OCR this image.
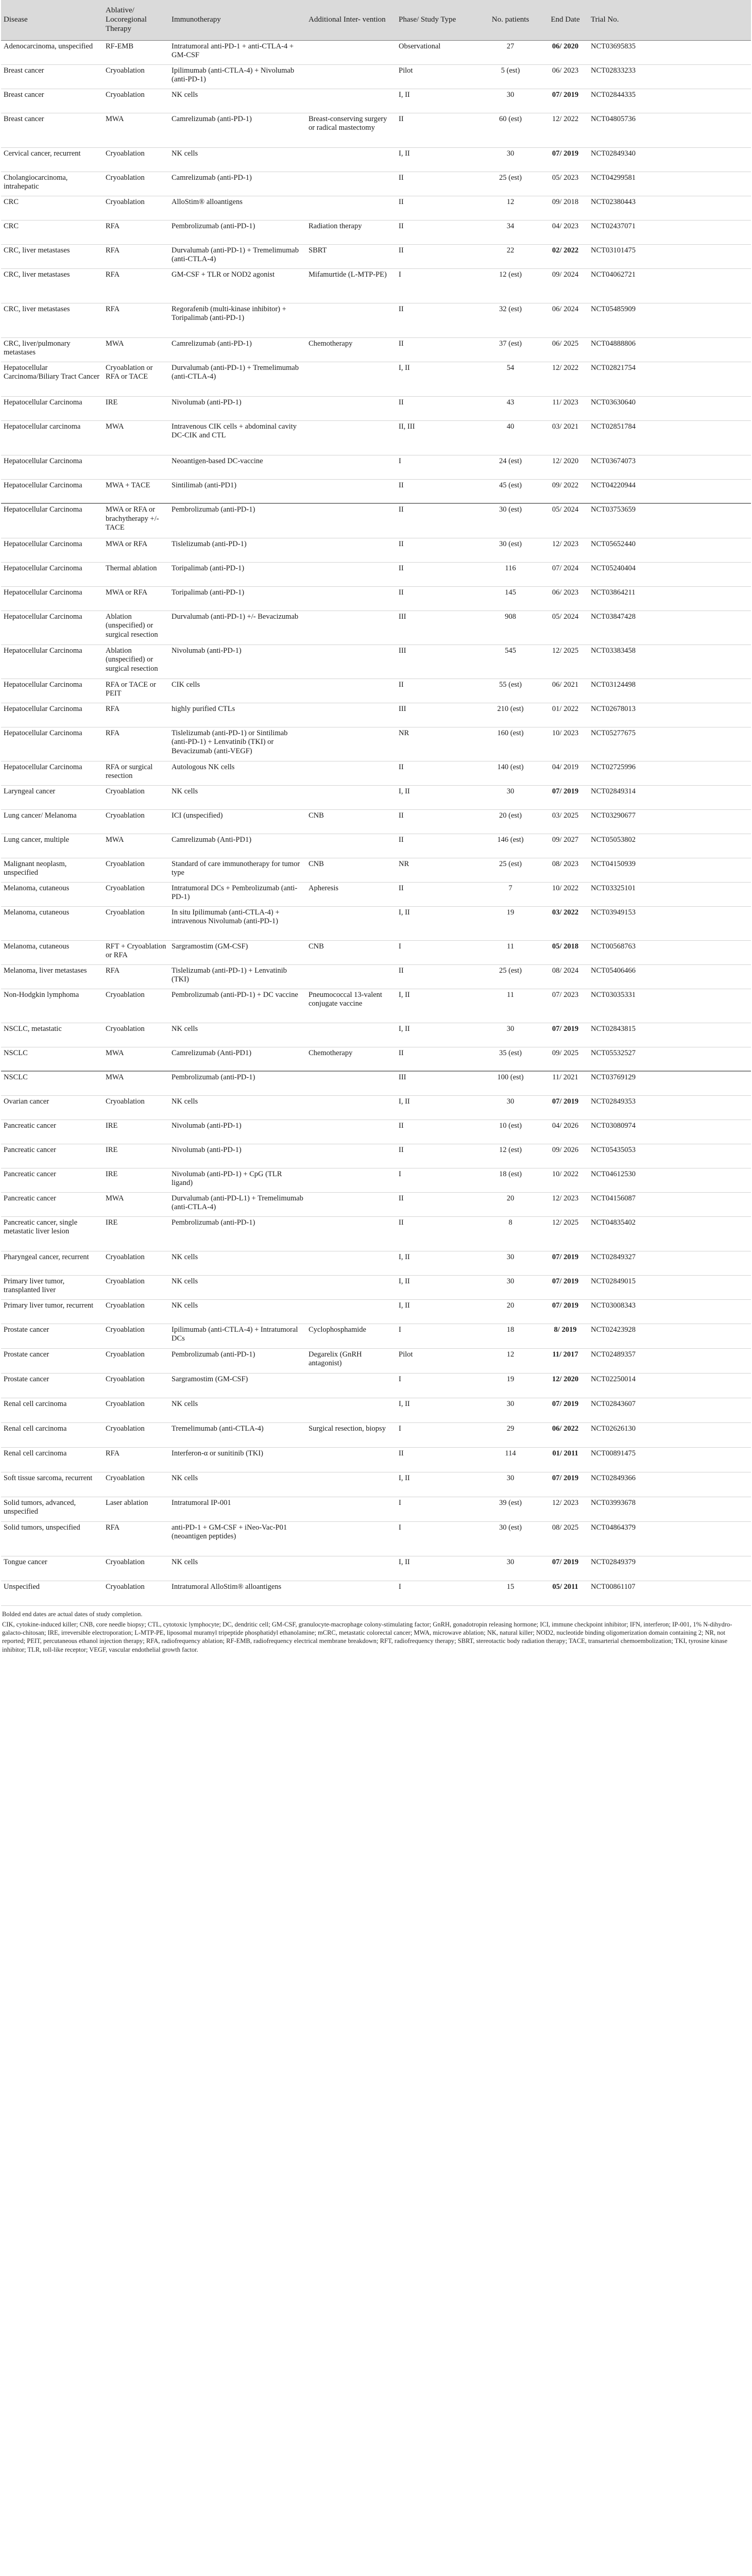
Disease	Ablative/ Locoregional Therapy	Immunotherapy	Additional Inter- vention	Phase/ Study Type	No. patients	End Date	Trial No.
Adenocarcinoma, unspecified	RF-EMB	Intratumoral anti-PD-1 + anti-CTLA-4 + GM-CSF		Observational	27	06/ 2020	NCT03695835
Breast cancer	Cryoablation	Ipilimumab (anti-CTLA-4) + Nivolumab (anti-PD-1)		Pilot	5 (est)	06/ 2023	NCT02833233
Breast cancer	Cryoablation	NK cells		I, II	30	07/ 2019	NCT02844335
Breast cancer	MWA	Camrelizumab (anti-PD-1)	Breast-conserving surgery or radical mastectomy	II	60 (est)	12/ 2022	NCT04805736
Cervical cancer, recurrent	Cryoablation	NK cells		I, II	30	07/ 2019	NCT02849340
Cholangiocarcinoma, intrahepatic	Cryoablation	Camrelizumab (anti-PD-1)		II	25 (est)	05/ 2023	NCT04299581
CRC	Cryoablation	AlloStim® alloantigens		II	12	09/ 2018	NCT02380443
CRC	RFA	Pembrolizumab (anti-PD-1)	Radiation therapy	II	34	04/ 2023	NCT02437071
CRC, liver metastases	RFA	Durvalumab (anti-PD-1) + Tremelimumab (anti-CTLA-4)	SBRT	II	22	02/ 2022	NCT03101475
CRC, liver metastases	RFA	GM-CSF + TLR or NOD2 agonist	Mifamurtide (L-MTP-PE)	I	12 (est)	09/ 2024	NCT04062721
CRC, liver metastases	RFA	Regorafenib (multi-kinase inhibitor) + Toripalimab (anti-PD-1)		II	32 (est)	06/ 2024	NCT05485909
CRC, liver/pulmonary metastases	MWA	Camrelizumab (anti-PD-1)	Chemotherapy	II	37 (est)	06/ 2025	NCT04888806
Hepatocellular Carcinoma/Biliary Tract Cancer	Cryoablation or RFA or TACE	Durvalumab (anti-PD-1) + Tremelimumab (anti-CTLA-4)		I, II	54	12/ 2022	NCT02821754
Hepatocellular Carcinoma	IRE	Nivolumab (anti-PD-1)		II	43	11/ 2023	NCT03630640
Hepatocellular carcinoma	MWA	Intravenous CIK cells + abdominal cavity DC-CIK and CTL		II, III	40	03/ 2021	NCT02851784
Hepatocellular Carcinoma		Neoantigen-based DC-vaccine		I	24 (est)	12/ 2020	NCT03674073
Hepatocellular Carcinoma	MWA + TACE	Sintilimab (anti-PD1)		II	45 (est)	09/ 2022	NCT04220944
Hepatocellular Carcinoma	MWA or RFA or brachytherapy +/- TACE	Pembrolizumab (anti-PD-1)		II	30 (est)	05/ 2024	NCT03753659
Hepatocellular Carcinoma	MWA or RFA	Tislelizumab (anti-PD-1)		II	30 (est)	12/ 2023	NCT05652440
Hepatocellular Carcinoma	Thermal ablation	Toripalimab (anti-PD-1)		II	116	07/ 2024	NCT05240404
Hepatocellular Carcinoma	MWA or RFA	Toripalimab (anti-PD-1)		II	145	06/ 2023	NCT03864211
Hepatocellular Carcinoma	Ablation (unspecified) or surgical resection	Durvalumab (anti-PD-1) +/- Bevacizumab		III	908	05/ 2024	NCT03847428
Hepatocellular Carcinoma	Ablation (unspecified) or surgical resection	Nivolumab (anti-PD-1)		III	545	12/ 2025	NCT03383458
Hepatocellular Carcinoma	RFA or TACE or PEIT	CIK cells		II	55 (est)	06/ 2021	NCT03124498
Hepatocellular Carcinoma	RFA	highly purified CTLs		III	210 (est)	01/ 2022	NCT02678013
Hepatocellular Carcinoma	RFA	Tislelizumab (anti-PD-1) or Sintilimab (anti-PD-1) + Lenvatinib (TKI) or Bevacizumab (anti-VEGF)		NR	160 (est)	10/ 2023	NCT05277675
Hepatocellular Carcinoma	RFA or surgical resection	Autologous NK cells		II	140 (est)	04/ 2019	NCT02725996
Laryngeal cancer	Cryoablation	NK cells		I, II	30	07/ 2019	NCT02849314
Lung cancer/ Melanoma	Cryoablation	ICI (unspecified)	CNB	II	20 (est)	03/ 2025	NCT03290677
Lung cancer, multiple	MWA	Camrelizumab (Anti-PD1)		II	146 (est)	09/ 2027	NCT05053802
Malignant neoplasm, unspecified	Cryoablation	Standard of care immunotherapy for tumor type	CNB	NR	25 (est)	08/ 2023	NCT04150939
Melanoma, cutaneous	Cryoablation	Intratumoral DCs + Pembrolizumab (anti-PD-1)	Apheresis	II	7	10/ 2022	NCT03325101
Melanoma, cutaneous	Cryoablation	In situ Ipilimumab (anti-CTLA-4) + intravenous Nivolumab (anti-PD-1)		I, II	19	03/ 2022	NCT03949153
Melanoma, cutaneous	RFT + Cryoablation or RFA	Sargramostim (GM-CSF)	CNB	I	11	05/ 2018	NCT00568763
Melanoma, liver metastases	RFA	Tislelizumab (anti-PD-1) + Lenvatinib (TKI)		II	25 (est)	08/ 2024	NCT05406466
Non-Hodgkin lymphoma	Cryoablation	Pembrolizumab (anti-PD-1) + DC vaccine	Pneumococcal 13-valent conjugate vaccine	I, II	11	07/ 2023	NCT03035331
NSCLC, metastatic	Cryoablation	NK cells		I, II	30	07/ 2019	NCT02843815
NSCLC	MWA	Camrelizumab (Anti-PD1)	Chemotherapy	II	35 (est)	09/ 2025	NCT05532527
NSCLC	MWA	Pembrolizumab (anti-PD-1)		III	100 (est)	11/ 2021	NCT03769129
Ovarian cancer	Cryoablation	NK cells		I, II	30	07/ 2019	NCT02849353
Pancreatic cancer	IRE	Nivolumab (anti-PD-1)		II	10 (est)	04/ 2026	NCT03080974
Pancreatic cancer	IRE	Nivolumab (anti-PD-1)		II	12 (est)	09/ 2026	NCT05435053
Pancreatic cancer	IRE	Nivolumab (anti-PD-1) + CpG (TLR ligand)		I	18 (est)	10/ 2022	NCT04612530
Pancreatic cancer	MWA	Durvalumab (anti-PD-L1) + Tremelimumab (anti-CTLA-4)		II	20	12/ 2023	NCT04156087
Pancreatic cancer, single metastatic liver lesion	IRE	Pembrolizumab (anti-PD-1)		II	8	12/ 2025	NCT04835402
Pharyngeal cancer, recurrent	Cryoablation	NK cells		I, II	30	07/ 2019	NCT02849327
Primary liver tumor, transplanted liver	Cryoablation	NK cells		I, II	30	07/ 2019	NCT02849015
Primary liver tumor, recurrent	Cryoablation	NK cells		I, II	20	07/ 2019	NCT03008343
Prostate cancer	Cryoablation	Ipilimumab (anti-CTLA-4) + Intratumoral DCs	Cyclophosphamide	I	18	8/ 2019	NCT02423928
Prostate cancer	Cryoablation	Pembrolizumab (anti-PD-1)	Degarelix (GnRH antagonist)	Pilot	12	11/ 2017	NCT02489357
Prostate cancer	Cryoablation	Sargramostim (GM-CSF)		I	19	12/ 2020	NCT02250014
Renal cell carcinoma	Cryoablation	NK cells		I, II	30	07/ 2019	NCT02843607
Renal cell carcinoma	Cryoablation	Tremelimumab (anti-CTLA-4)	Surgical resection, biopsy	I	29	06/ 2022	NCT02626130
Renal cell carcinoma	RFA	Interferon-α or sunitinib (TKI)		II	114	01/ 2011	NCT00891475
Soft tissue sarcoma, recurrent	Cryoablation	NK cells		I, II	30	07/ 2019	NCT02849366
Solid tumors, advanced, unspecified	Laser ablation	Intratumoral IP-001		I	39 (est)	12/ 2023	NCT03993678
Solid tumors, unspecified	RFA	anti-PD-1 + GM-CSF + iNeo-Vac-P01 (neoantigen peptides)		I	30 (est)	08/ 2025	NCT04864379
Tongue cancer	Cryoablation	NK cells		I, II	30	07/ 2019	NCT02849379
Unspecified	Cryoablation	Intratumoral AlloStim® alloantigens		I	15	05/ 2011	NCT00861107

Bolded end dates are actual dates of study completion.

CIK, cytokine-induced killer; CNB, core needle biopsy; CTL, cytotoxic lymphocyte; DC, dendritic cell; GM-CSF, granulocyte-macrophage colony-stimulating factor; GnRH, gonadotropin releasing hormone; ICI, immune checkpoint inhibitor; IFN, interferon; IP-001, 1% N-dihydro-galacto-chitosan; IRE, irreversible electroporation; L-MTP-PE, liposomal muramyl tripeptide phosphatidyl ethanolamine; mCRC, metastatic colorectal cancer; MWA, microwave ablation; NK, natural killer; NOD2, nucleotide binding oligomerization domain containing 2; NR, not reported; PEIT, percutaneous ethanol injection therapy; RFA, radiofrequency ablation; RF-EMB, radiofrequency electrical membrane breakdown; RFT, radiofrequency therapy; SBRT, stereotactic body radiation therapy; TACE, transarterial chemoembolization; TKI, tyrosine kinase inhibitor; TLR, toll-like receptor; VEGF, vascular endothelial growth factor.
